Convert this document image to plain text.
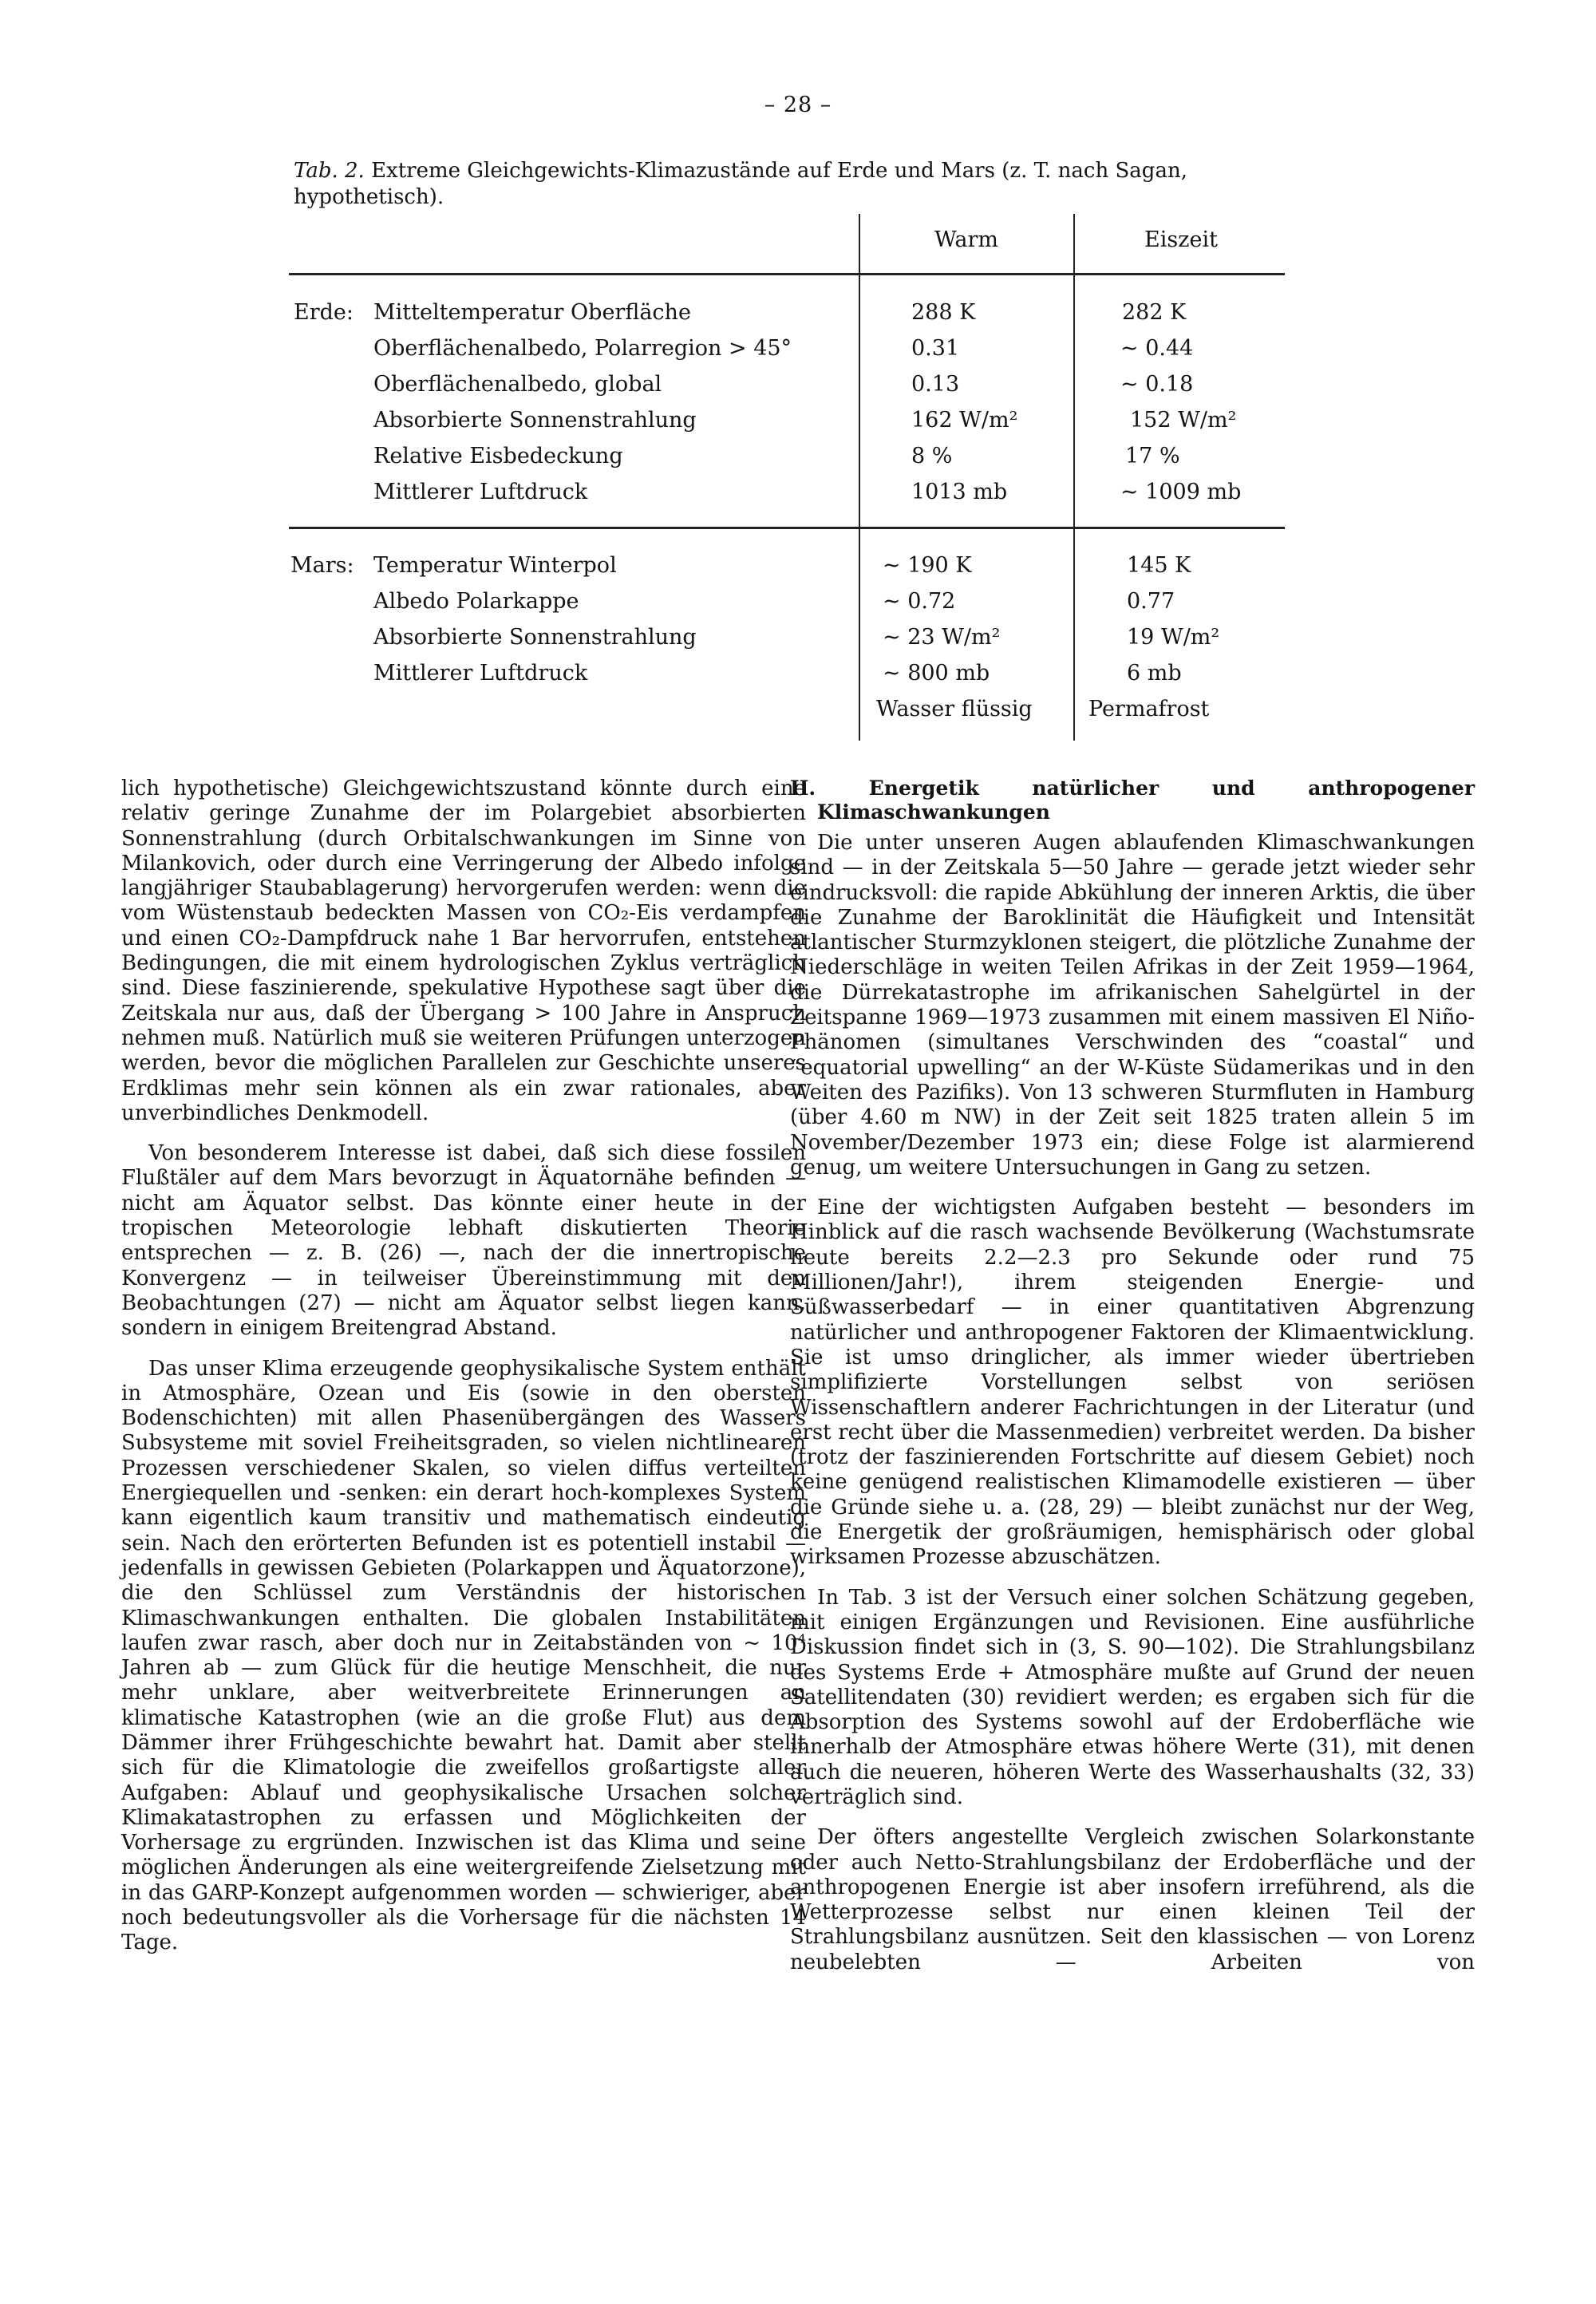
– 28 –
Tab. 2. Extreme Gleichgewichts-Klimazustände auf Erde und Mars (z. T. nach Sagan, hypothetisch).
Warm	Eiszeit
Erde: Mitteltemperatur Oberfläche	288 K	282 K
Oberflächenalbedo, Polarregion > 45°	0.31	~ 0.44
Oberflächenalbedo, global	0.13	~ 0.18
Absorbierte Sonnenstrahlung	162 W/m²	152 W/m²
Relative Eisbedeckung	8 %	17 %
Mittlerer Luftdruck	1013 mb	~ 1009 mb
Mars: Temperatur Winterpol	~ 190 K	145 K
Albedo Polarkappe	~ 0.72	0.77
Absorbierte Sonnenstrahlung	~ 23 W/m²	19 W/m²
Mittlerer Luftdruck	~ 800 mb	6 mb
Wasser flüssig	Permafrost

lich hypothetische) Gleichgewichtszustand könnte durch eine relativ geringe Zunahme der im Polargebiet absorbierten Sonnenstrahlung (durch Orbitalschwankungen im Sinne von Milankovich, oder durch eine Verringerung der Albedo infolge langjähriger Staubablagerung) hervorgerufen werden: wenn die vom Wüstenstaub bedeckten Massen von CO₂-Eis verdampfen und einen CO₂-Dampfdruck nahe 1 Bar hervorrufen, entstehen Bedingungen, die mit einem hydrologischen Zyklus verträglich sind. Diese faszinierende, spekulative Hypothese sagt über die Zeitskala nur aus, daß der Übergang > 100 Jahre in Anspruch nehmen muß. Natürlich muß sie weiteren Prüfungen unterzogen werden, bevor die möglichen Parallelen zur Geschichte unseres Erdklimas mehr sein können als ein zwar rationales, aber unverbindliches Denkmodell.

Von besonderem Interesse ist dabei, daß sich diese fossilen Flußtäler auf dem Mars bevorzugt in Äquatornähe befinden — nicht am Äquator selbst. Das könnte einer heute in der tropischen Meteorologie lebhaft diskutierten Theorie entsprechen — z. B. (26) —, nach der die innertropische Konvergenz — in teilweiser Übereinstimmung mit den Beobachtungen (27) — nicht am Äquator selbst liegen kann, sondern in einigem Breitengrad Abstand.

Das unser Klima erzeugende geophysikalische System enthält in Atmosphäre, Ozean und Eis (sowie in den obersten Bodenschichten) mit allen Phasenübergängen des Wassers Subsysteme mit soviel Freiheitsgraden, so vielen nichtlinearen Prozessen verschiedener Skalen, so vielen diffus verteilten Energiequellen und -senken: ein derart hoch-komplexes System kann eigentlich kaum transitiv und mathematisch eindeutig sein. Nach den erörterten Befunden ist es potentiell instabil — jedenfalls in gewissen Gebieten (Polarkappen und Äquatorzone), die den Schlüssel zum Verständnis der historischen Klimaschwankungen enthalten. Die globalen Instabilitäten laufen zwar rasch, aber doch nur in Zeitabständen von ~ 10⁴ Jahren ab — zum Glück für die heutige Menschheit, die nur mehr unklare, aber weitverbreitete Erinnerungen an klimatische Katastrophen (wie an die große Flut) aus dem Dämmer ihrer Frühgeschichte bewahrt hat. Damit aber stellt sich für die Klimatologie die zweifellos großartigste aller Aufgaben: Ablauf und geophysikalische Ursachen solcher Klimakatastrophen zu erfassen und Möglichkeiten der Vorhersage zu ergründen. Inzwischen ist das Klima und seine möglichen Änderungen als eine weitergreifende Zielsetzung mit in das GARP-Konzept aufgenommen worden — schwieriger, aber noch bedeutungsvoller als die Vorhersage für die nächsten 14 Tage.

II. Energetik natürlicher und anthropogener Klimaschwankungen

Die unter unseren Augen ablaufenden Klimaschwankungen sind — in der Zeitskala 5—50 Jahre — gerade jetzt wieder sehr eindrucksvoll: die rapide Abkühlung der inneren Arktis, die über die Zunahme der Baroklinität die Häufigkeit und Intensität atlantischer Sturmzyklonen steigert, die plötzliche Zunahme der Niederschläge in weiten Teilen Afrikas in der Zeit 1959—1964, die Dürrekatastrophe im afrikanischen Sahelgürtel in der Zeitspanne 1969—1973 zusammen mit einem massiven El Niño-Phänomen (simultanes Verschwinden des “coastal“ und “equatorial upwelling“ an der W-Küste Südamerikas und in den Weiten des Pazifiks). Von 13 schweren Sturmfluten in Hamburg (über 4.60 m NW) in der Zeit seit 1825 traten allein 5 im November/Dezember 1973 ein; diese Folge ist alarmierend genug, um weitere Untersuchungen in Gang zu setzen.

Eine der wichtigsten Aufgaben besteht — besonders im Hinblick auf die rasch wachsende Bevölkerung (Wachstumsrate heute bereits 2.2—2.3 pro Sekunde oder rund 75 Millionen/Jahr!), ihrem steigenden Energie- und Süßwasserbedarf — in einer quantitativen Abgrenzung natürlicher und anthropogener Faktoren der Klimaentwicklung. Sie ist umso dringlicher, als immer wieder übertrieben simplifizierte Vorstellungen selbst von seriösen Wissenschaftlern anderer Fachrichtungen in der Literatur (und erst recht über die Massenmedien) verbreitet werden. Da bisher (trotz der faszinierenden Fortschritte auf diesem Gebiet) noch keine genügend realistischen Klimamodelle existieren — über die Gründe siehe u. a. (28, 29) — bleibt zunächst nur der Weg, die Energetik der großräumigen, hemisphärisch oder global wirksamen Prozesse abzuschätzen.

In Tab. 3 ist der Versuch einer solchen Schätzung gegeben, mit einigen Ergänzungen und Revisionen. Eine ausführliche Diskussion findet sich in (3, S. 90—102). Die Strahlungsbilanz des Systems Erde + Atmosphäre mußte auf Grund der neuen Satellitendaten (30) revidiert werden; es ergaben sich für die Absorption des Systems sowohl auf der Erdoberfläche wie innerhalb der Atmosphäre etwas höhere Werte (31), mit denen auch die neueren, höheren Werte des Wasserhaushalts (32, 33) verträglich sind.

Der öfters angestellte Vergleich zwischen Solarkonstante oder auch Netto-Strahlungsbilanz der Erdoberfläche und der anthropogenen Energie ist aber insofern irreführend, als die Wetterprozesse selbst nur einen kleinen Teil der Strahlungsbilanz ausnützen. Seit den klassischen — von Lorenz neubelebten — Arbeiten von
